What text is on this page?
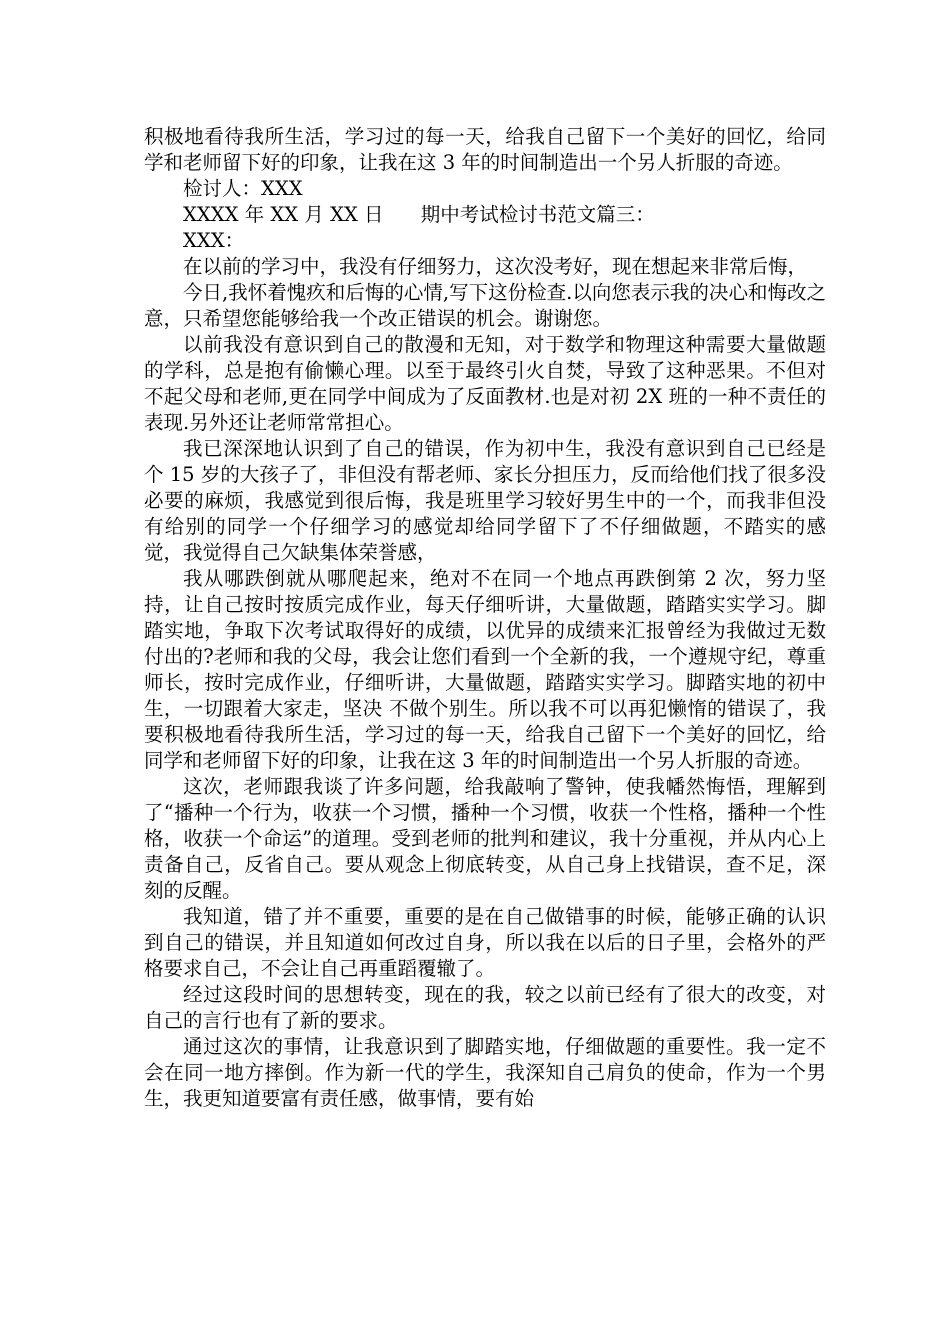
积极地看待我所生活，学习过的每一天，给我自己留下一个美好的回忆，给同学和老师留下好的印象，让我在这 3 年的时间制造出一个另人折服的奇迹。

检讨人：XXX

XXXX 年 XX 月 XX 日      期中考试检讨书范文篇三：

XXX：

在以前的学习中，我没有仔细努力，这次没考好，现在想起来非常后悔，

今日,我怀着愧疚和后悔的心情,写下这份检查.以向您表示我的决心和悔改之意，只希望您能够给我一个改正错误的机会。谢谢您。

以前我没有意识到自己的散漫和无知，对于数学和物理这种需要大量做题的学科，总是抱有偷懒心理。以至于最终引火自焚，导致了这种恶果。不但对不起父母和老师,更在同学中间成为了反面教材.也是对初 2X 班的一种不责任的表现.另外还让老师常常担心。

我已深深地认识到了自己的错误，作为初中生，我没有意识到自己已经是个 15 岁的大孩子了，非但没有帮老师、家长分担压力，反而给他们找了很多没必要的麻烦，我感觉到很后悔，我是班里学习较好男生中的一个，而我非但没有给别的同学一个仔细学习的感觉却给同学留下了不仔细做题，不踏实的感觉，我觉得自己欠缺集体荣誉感，

我从哪跌倒就从哪爬起来，绝对不在同一个地点再跌倒第 2 次，努力坚持，让自己按时按质完成作业，每天仔细听讲，大量做题，踏踏实实学习。脚踏实地，争取下次考试取得好的成绩，以优异的成绩来汇报曾经为我做过无数付出的?老师和我的父母，我会让您们看到一个全新的我，一个遵规守纪，尊重师长，按时完成作业，仔细听讲，大量做题，踏踏实实学习。脚踏实地的初中生，一切跟着大家走，坚决 不做个别生。所以我不可以再犯懒惰的错误了，我要积极地看待我所生活，学习过的每一天，给我自己留下一个美好的回忆，给同学和老师留下好的印象，让我在这 3 年的时间制造出一个另人折服的奇迹。

这次，老师跟我谈了许多问题，给我敲响了警钟，使我幡然悔悟，理解到了“播种一个行为，收获一个习惯，播种一个习惯，收获一个性格，播种一个性格，收获一个命运”的道理。受到老师的批判和建议，我十分重视，并从内心上责备自己，反省自己。要从观念上彻底转变，从自己身上找错误，查不足，深刻的反醒。

我知道，错了并不重要，重要的是在自己做错事的时候，能够正确的认识到自己的错误，并且知道如何改过自身，所以我在以后的日子里，会格外的严格要求自己，不会让自己再重蹈覆辙了。

经过这段时间的思想转变，现在的我，较之以前已经有了很大的改变，对自己的言行也有了新的要求。

通过这次的事情，让我意识到了脚踏实地，仔细做题的重要性。我一定不会在同一地方摔倒。作为新一代的学生，我深知自己肩负的使命，作为一个男生，我更知道要富有责任感，做事情，要有始
